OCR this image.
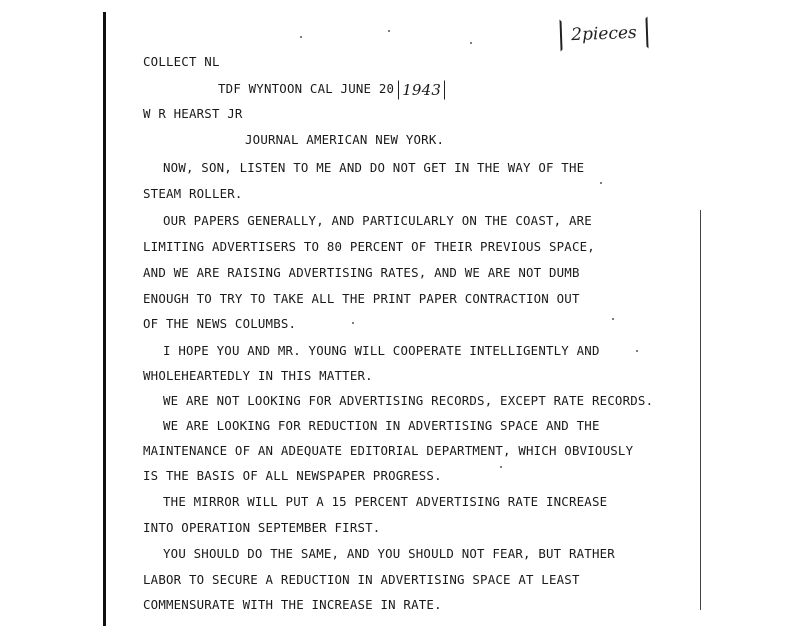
2pieces
COLLECT NL
TDF WYNTOON CAL JUNE 20 1943
W R HEARST JR
JOURNAL AMERICAN NEW YORK.
NOW, SON, LISTEN TO ME AND DO NOT GET IN THE WAY OF THE
STEAM ROLLER.
OUR PAPERS GENERALLY, AND PARTICULARLY ON THE COAST, ARE
LIMITING ADVERTISERS TO 80 PERCENT OF THEIR PREVIOUS SPACE,
AND WE ARE RAISING ADVERTISING RATES, AND WE ARE NOT DUMB
ENOUGH TO TRY TO TAKE ALL THE PRINT PAPER CONTRACTION OUT
OF THE NEWS COLUMBS.
I HOPE YOU AND MR. YOUNG WILL COOPERATE INTELLIGENTLY AND
WHOLEHEARTEDLY IN THIS MATTER.
WE ARE NOT LOOKING FOR ADVERTISING RECORDS, EXCEPT RATE RECORDS.
WE ARE LOOKING FOR REDUCTION IN ADVERTISING SPACE AND THE
MAINTENANCE OF AN ADEQUATE EDITORIAL DEPARTMENT, WHICH OBVIOUSLY
IS THE BASIS OF ALL NEWSPAPER PROGRESS.
THE MIRROR WILL PUT A 15 PERCENT ADVERTISING RATE INCREASE
INTO OPERATION SEPTEMBER FIRST.
YOU SHOULD DO THE SAME, AND YOU SHOULD NOT FEAR, BUT RATHER
LABOR TO SECURE A REDUCTION IN ADVERTISING SPACE AT LEAST
COMMENSURATE WITH THE INCREASE IN RATE.
